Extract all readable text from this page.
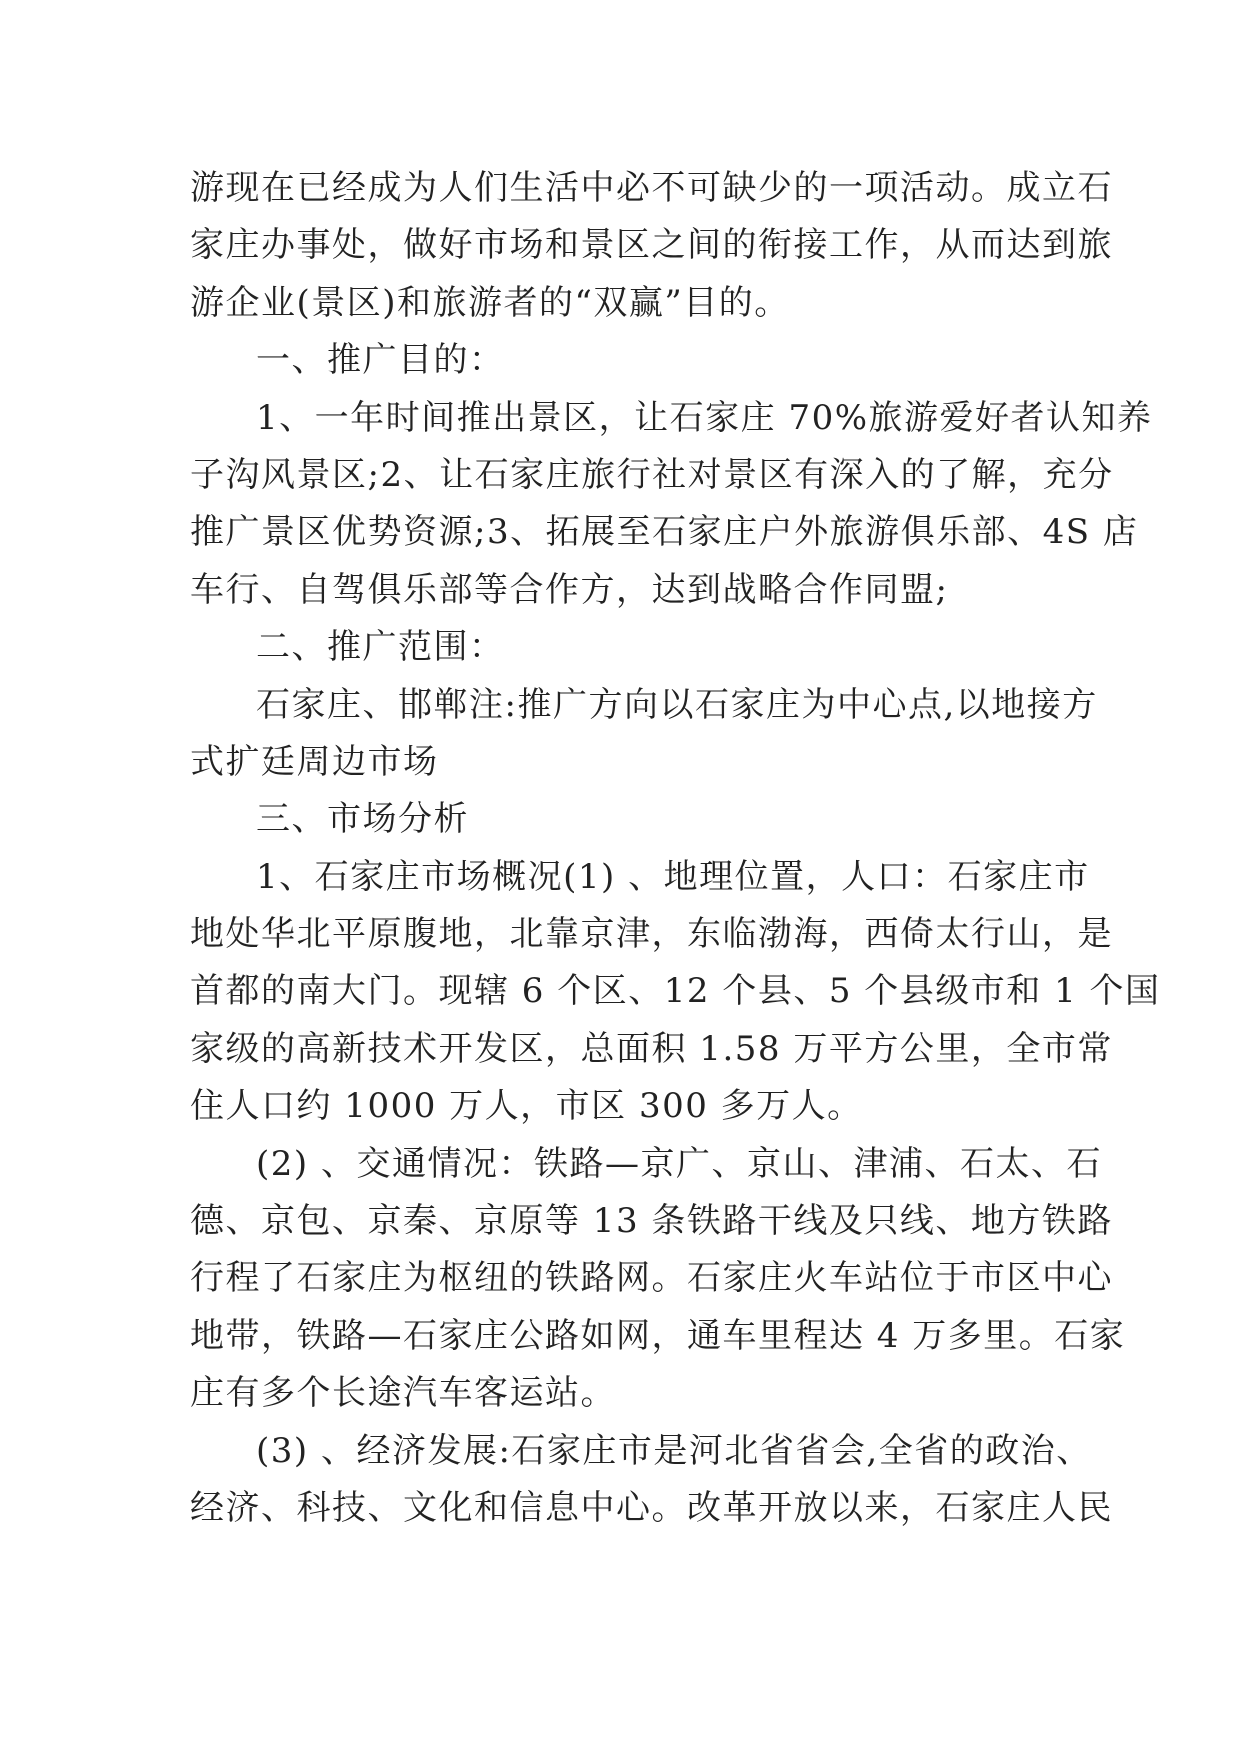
游现在已经成为人们生活中必不可缺少的一项活动。成立石
家庄办事处，做好市场和景区之间的衔接工作，从而达到旅
游企业(景区)和旅游者的“双赢”目的。
一、推广目的：
1、一年时间推出景区，让石家庄 70%旅游爱好者认知养
子沟风景区;2、让石家庄旅行社对景区有深入的了解，充分
推广景区优势资源;3、拓展至石家庄户外旅游俱乐部、4S 店
车行、自驾俱乐部等合作方，达到战略合作同盟;
二、推广范围：
石家庄、邯郸注:推广方向以石家庄为中心点,以地接方
式扩廷周边市场
三、市场分析
1、石家庄市场概况(1) 、地理位置，人口：石家庄市
地处华北平原腹地，北靠京津，东临渤海，西倚太行山，是
首都的南大门。现辖 6 个区、12 个县、5 个县级市和 1 个国
家级的高新技术开发区，总面积 1.58 万平方公里，全市常
住人口约 1000 万人，市区 300 多万人。
(2) 、交通情况：铁路—京广、京山、津浦、石太、石
德、京包、京秦、京原等 13 条铁路干线及只线、地方铁路
行程了石家庄为枢纽的铁路网。石家庄火车站位于市区中心
地带，铁路—石家庄公路如网，通车里程达 4 万多里。石家
庄有多个长途汽车客运站。
(3) 、经济发展:石家庄市是河北省省会,全省的政治、
经济、科技、文化和信息中心。改革开放以来，石家庄人民
